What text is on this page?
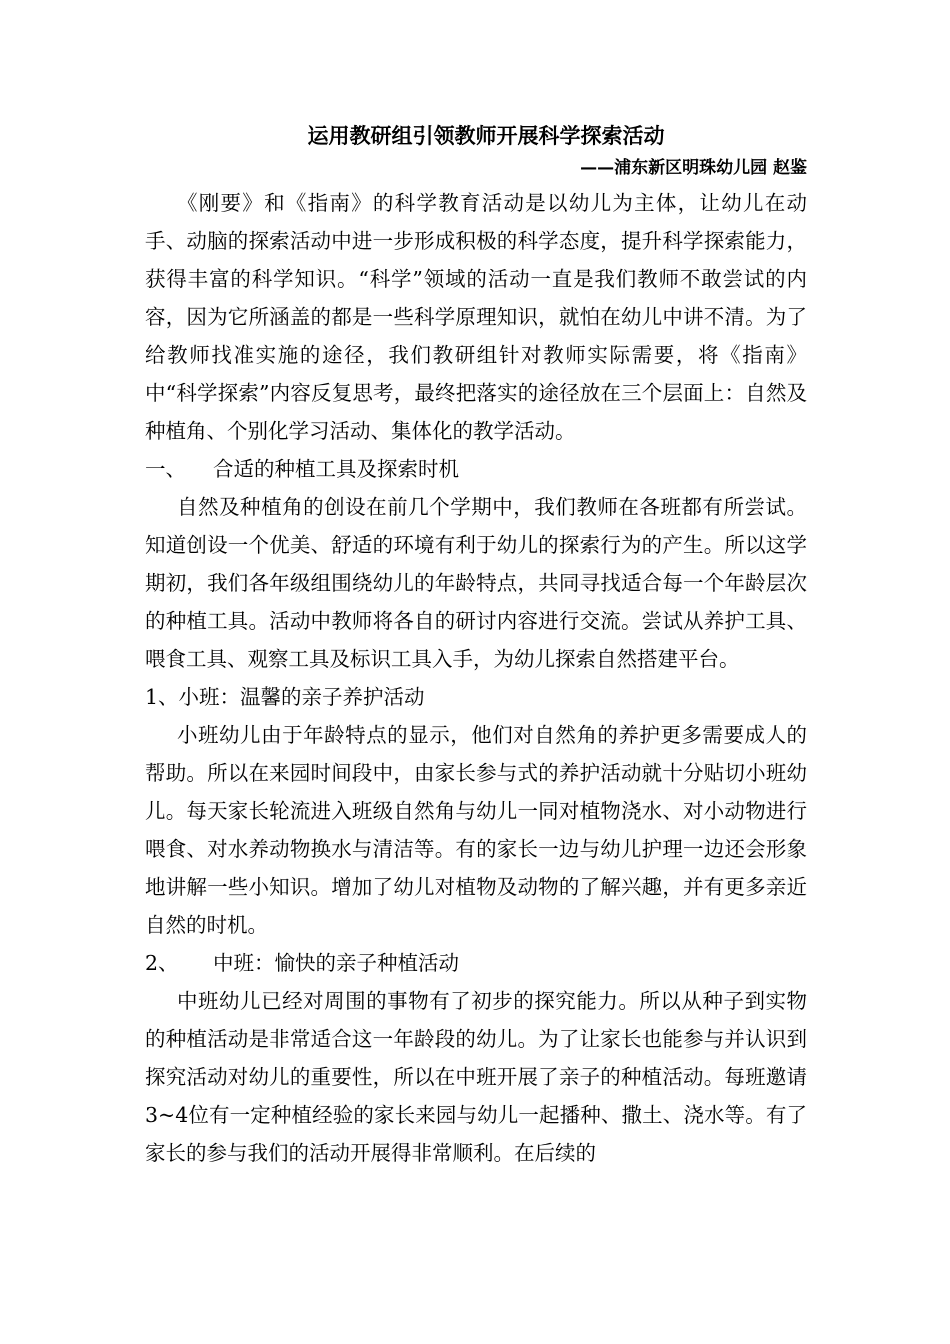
运用教研组引领教师开展科学探索活动

——浦东新区明珠幼儿园 赵鉴

《刚要》和《指南》的科学教育活动是以幼儿为主体，让幼儿在动手、动脑的探索活动中进一步形成积极的科学态度，提升科学探索能力，获得丰富的科学知识。“科学”领域的活动一直是我们教师不敢尝试的内容，因为它所涵盖的都是一些科学原理知识，就怕在幼儿中讲不清。为了给教师找准实施的途径，我们教研组针对教师实际需要，将《指南》中“科学探索”内容反复思考，最终把落实的途径放在三个层面上：自然及种植角、个别化学习活动、集体化的教学活动。

一、 合适的种植工具及探索时机

自然及种植角的创设在前几个学期中，我们教师在各班都有所尝试。知道创设一个优美、舒适的环境有利于幼儿的探索行为的产生。所以这学期初，我们各年级组围绕幼儿的年龄特点，共同寻找适合每一个年龄层次的种植工具。活动中教师将各自的研讨内容进行交流。尝试从养护工具、喂食工具、观察工具及标识工具入手，为幼儿探索自然搭建平台。

1、小班：温馨的亲子养护活动

小班幼儿由于年龄特点的显示，他们对自然角的养护更多需要成人的帮助。所以在来园时间段中，由家长参与式的养护活动就十分贴切小班幼儿。每天家长轮流进入班级自然角与幼儿一同对植物浇水、对小动物进行喂食、对水养动物换水与清洁等。有的家长一边与幼儿护理一边还会形象地讲解一些小知识。增加了幼儿对植物及动物的了解兴趣，并有更多亲近自然的时机。

2、 中班：愉快的亲子种植活动

中班幼儿已经对周围的事物有了初步的探究能力。所以从种子到实物的种植活动是非常适合这一年龄段的幼儿。为了让家长也能参与并认识到探究活动对幼儿的重要性，所以在中班开展了亲子的种植活动。每班邀请3~4位有一定种植经验的家长来园与幼儿一起播种、撒土、浇水等。有了家长的参与我们的活动开展得非常顺利。在后续的
